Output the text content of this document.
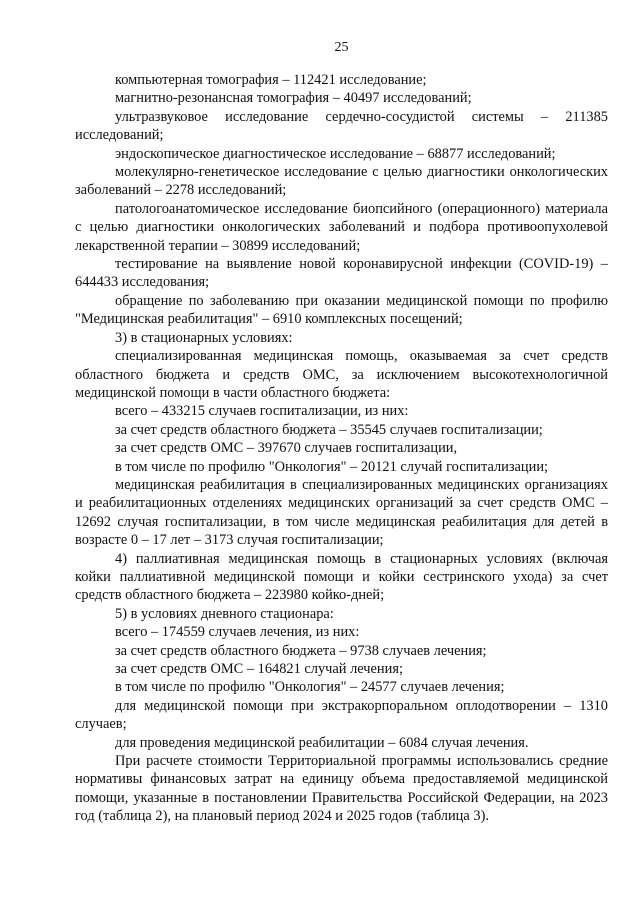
25

компьютерная томография – 112421 исследование;

магнитно-резонансная томография – 40497 исследований;

ультразвуковое исследование сердечно-сосудистой системы – 211385 исследований;

эндоскопическое диагностическое исследование – 68877 исследований;

молекулярно-генетическое исследование с целью диагностики онкологических заболеваний – 2278 исследований;

патологоанатомическое исследование биопсийного (операционного) материала с целью диагностики онкологических заболеваний и подбора противоопухолевой лекарственной терапии – 30899 исследований;

тестирование на выявление новой коронавирусной инфекции (COVID-19) – 644433 исследования;

обращение по заболеванию при оказании медицинской помощи по профилю "Медицинская реабилитация" – 6910 комплексных посещений;

3) в стационарных условиях:

специализированная медицинская помощь, оказываемая за счет средств областного бюджета и средств ОМС, за исключением высокотехнологичной медицинской помощи в части областного бюджета:

всего – 433215 случаев госпитализации, из них:

за счет средств областного бюджета – 35545 случаев госпитализации;

за счет средств ОМС – 397670 случаев госпитализации,

в том числе по профилю "Онкология" – 20121 случай госпитализации;

медицинская реабилитация в специализированных медицинских организациях и реабилитационных отделениях медицинских организаций за счет средств ОМС – 12692 случая госпитализации, в том числе медицинская реабилитация для детей в возрасте 0 – 17 лет – 3173 случая госпитализации;

4) паллиативная медицинская помощь в стационарных условиях (включая койки паллиативной медицинской помощи и койки сестринского ухода) за счет средств областного бюджета – 223980 койко-дней;

5) в условиях дневного стационара:

всего – 174559 случаев лечения, из них:

за счет средств областного бюджета – 9738 случаев лечения;

за счет средств ОМС – 164821 случай лечения;

в том числе по профилю "Онкология" – 24577 случаев лечения;

для медицинской помощи при экстракорпоральном оплодотворении – 1310 случаев;

для проведения медицинской реабилитации – 6084 случая лечения.

При расчете стоимости Территориальной программы использовались средние нормативы финансовых затрат на единицу объема предоставляемой медицинской помощи, указанные в постановлении Правительства Российской Федерации, на 2023 год (таблица 2), на плановый период 2024 и 2025 годов (таблица 3).
